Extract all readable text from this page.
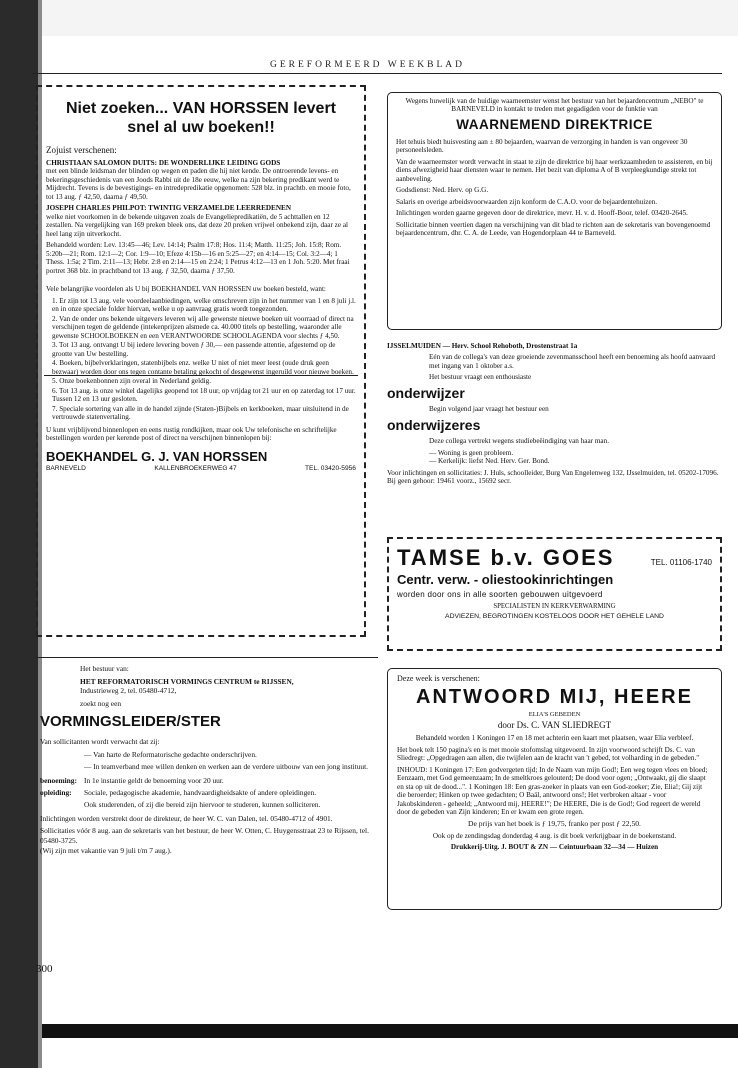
GEREFORMEERD WEEKBLAD
Niet zoeken... VAN HORSSEN levert snel al uw boeken!!

Zojuist verschenen:

CHRISTIAAN SALOMON DUITS: DE WONDERLIJKE LEIDING GODS

met een blinde leidsman der blinden op wegen en paden die hij niet kende. De ontroerende levens- en bekeringsgeschiedenis van een Joods Rabbi uit de 18e eeuw, welke na zijn bekering predikant werd te Mijdrecht. Tevens is de bevestigings- en intredepredikatie opgenomen: 528 blz. in prachtb. en mooie foto, tot 13 aug. ƒ 42,50, daarna ƒ 49,50.

JOSEPH CHARLES PHILPOT: TWINTIG VERZAMELDE LEERREDENEN

welke niet voorkomen in de bekende uitgaven zoals de Evangeliepredikatiёn, de 5 achttallen en 12 zestallen. Na vergelijking van 169 preken bleek ons, dat deze 20 preken vrijwel onbekend zijn, daar ze al heel lang zijn uitverkocht.

Behandeld worden: Lev. 13:45—46; Lev. 14:14; Psalm 17:8; Hos. 11:4; Matth. 11:25; Joh. 15:8; Rom. 5:20b—21; Rom. 12:1—2; Cor. 1:9—10; Efeze 4:15b—16 en 5:25—27; en 4:14—15; Col. 3:2—4; 1 Thess. 1:5a; 2 Tim. 2:11—13; Hebr. 2:8 en 2:14—15 en 2:24; 1 Petrus 4:12—13 en 1 Joh. 5:20. Met fraai portret 368 blz. in prachtband tot 13 aug. ƒ 32,50, daarna ƒ 37,50.

Vele belangrijke voordelen als U bij BOEKHANDEL VAN HORSSEN uw boeken besteld, want:

1. Er zijn tot 13 aug. vele voordeelaanbiedingen, welke omschreven zijn in het nummer van 1 en 8 juli j.l. en in onze speciale folder hiervan, welke u op aanvraag gratis wordt toegezonden.
2. Van de onder ons bekende uitgevers leveren wij alle gewenste nieuwe boeken uit voorraad of direct na verschijnen tegen de geldende (intekenprijzen alsmede ca. 40.000 titels op bestelling, waaronder alle gewenste SCHOOLBOEKEN en een VERANTWOORDE SCHOOLAGENDA voor slechts ƒ 4,50.
3. Tot 13 aug. ontvangt U bij iedere levering boven ƒ 30,— een passende attentie, afgestemd op de grootte van Uw bestelling.
4. Boeken, bijbelverklaringen, statenbijbels enz. welke U niet of niet meer leest (oude druk geen bezwaar) worden door ons tegen contante betaling gekocht of desgewenst ingeruild voor nieuwe boeken.
5. Onze boekenbonnen zijn overal in Nederland geldig.
6. Tot 13 aug. is onze winkel dagelijks geopend tot 18 uur, op vrijdag tot 21 uur en op zaterdag tot 17 uur. Tussen 12 en 13 uur gesloten.
7. Speciale sortering van alle in de handel zijnde (Staten-)Bijbels en kerkboeken, maar uitsluitend in de vertrouwde statenvertaling.

U kunt vrijblijvend binnenlopen en eens rustig rondkijken, maar ook Uw telefonische en schriftelijke bestellingen worden per kerende post of direct na verschijnen binnenlopen bij:

BOEKHANDEL G. J. VAN HORSSEN
BARNEVELD	KALLENBROEKERWEG 47	TEL. 03420-5956

Wegens huwelijk van de huidige waarneemster wenst het bestuur van het bejaardencentrum „NEBO" te BARNEVELD in kontakt te treden met gegadigden voor de funktie van

WAARNEMEND DIREKTRICE

Het tehuis biedt huisvesting aan ± 80 bejaarden, waarvan de verzorging in handen is van ongeveer 30 personeelsleden.

Van de waarneemster wordt verwacht in staat te zijn de direktrice bij haar werkzaamheden te assisteren, en bij diens afwezigheid haar diensten waar te nemen. Het bezit van diploma A of B verpleegkundige strekt tot aanbeveling.

Godsdienst: Ned. Herv. op G.G.

Salaris en overige arbeidsvoorwaarden zijn konform de C.A.O. voor de bejaardentehuizen.

Inlichtingen worden gaarne gegeven door de direktrice, mevr. H. v. d. Hooff-Boor, telef. 03420-2645.

Sollicitatie binnen veertien dagen na verschijning van dit blad te richten aan de sekretaris van bovengenoemd bejaardencentrum, dhr. C. A. de Leede, van Hogendorplaan 44 te Barneveld.

IJSSELMUIDEN — Herv. School Rehoboth, Drostenstraat 1a

Eén van de collega's van deze groeiende zevenmansschool heeft een benoeming als hoofd aanvaard met ingang van 1 oktober a.s.

Het bestuur vraagt een enthousiaste

onderwijzer

Begin volgend jaar vraagt het bestuur een

onderwijzeres

Deze collega vertrekt wegens studiebeëindiging van haar man.

— Woning is geen probleem.

— Kerkelijk: liefst Ned. Herv. Ger. Bond.

Voor inlichtingen en sollicitaties: J. Huls, schoolleider, Burg Van Engelenweg 132, IJsselmuiden, tel. 05202-17096. Bij geen gehoor: 19461 voorz., 15692 secr.

TAMSE b.v. GOES	TEL. 01106-1740
Centr. verw. - oliestookinrichtingen
worden door ons in alle soorten gebouwen uitgevoerd
SPECIALISTEN IN KERKVERWARMING
ADVIEZEN, BEGROTINGEN KOSTELOOS DOOR HET GEHELE LAND

Het bestuur van:

HET REFORMATORISCH VORMINGS CENTRUM te RIJSSEN,

Industrieweg 2, tel. 05480-4712,

zoekt nog een

VORMINGSLEIDER/STER

Van sollicitanten wordt verwacht dat zij:

— Van harte de Reformatorische gedachte onderschrijven.

— In teamverband mee willen denken en werken aan de verdere uitbouw van een jong instituut.

benoeming: In 1e instantie geldt de benoeming voor 20 uur.
opleiding:	Sociale, pedagogische akademie, handvaardigheidsakte of andere opleidingen.

Ook studerenden, of zij die bereid zijn hiervoor te studeren, kunnen solliciteren.

Inlichtingen worden verstrekt door de direkteur, de heer W. C. van Dalen, tel. 05480-4712 of 4901.

Sollicitaties vóór 8 aug. aan de sekretaris van het bestuur, de heer W. Otten, C. Huygensstraat 23 te Rijssen, tel. 05480-3725.

(Wij zijn met vakantie van 9 juli t/m 7 aug.).

Deze week is verschenen:

ANTWOORD MIJ, HEERE
ELIA'S GEBEDEN
door Ds. C. VAN SLIEDREGT

Behandeld worden 1 Koningen 17 en 18 met achterin een kaart met plaatsen, waar Elia verbleef.

Het boek telt 150 pagina's en is met mooie stofomslag uitgevoerd. In zijn voorwoord schrijft Ds. C. van Sliedregt: „Opgedragen aan allen, die twijfelen aan de kracht van 't gebed, tot volharding in de gebeden."

INHOUD: 1 Koningen 17: Een godvergeten tijd; In de Naam van mijn God!; Een weg tegen vlees en bloed; Eenzaam, met God gemeenzaam; In de smeltkroes gelouterd; De dood voor ogen; „Ontwaakt, gij die slaapt en sta op uit de dood...". 1 Koningen 18: Een gras-zoeker in plaats van een God-zoeker; Zie, Elia!; Gij zijt die beroerder; Hinken op twee gedachten; O Baäl, antwoord ons!; Het verbroken altaar - voor Jakobskinderen - geheeld; „Antwoord mij, HEERE!"; De HEERE, Die is de God!; God regeert de wereld door de gebeden van Zijn kinderen; En er kwam een grote regen.

De prijs van het boek is ƒ 19,75, franko per post ƒ 22,50.

Ook op de zendingsdag donderdag 4 aug. is dit boek verkrijgbaar in de boekenstand.

Drukkerij-Uitg. J. BOUT & ZN — Ceintuurbaan 32—34 — Huizen

300
